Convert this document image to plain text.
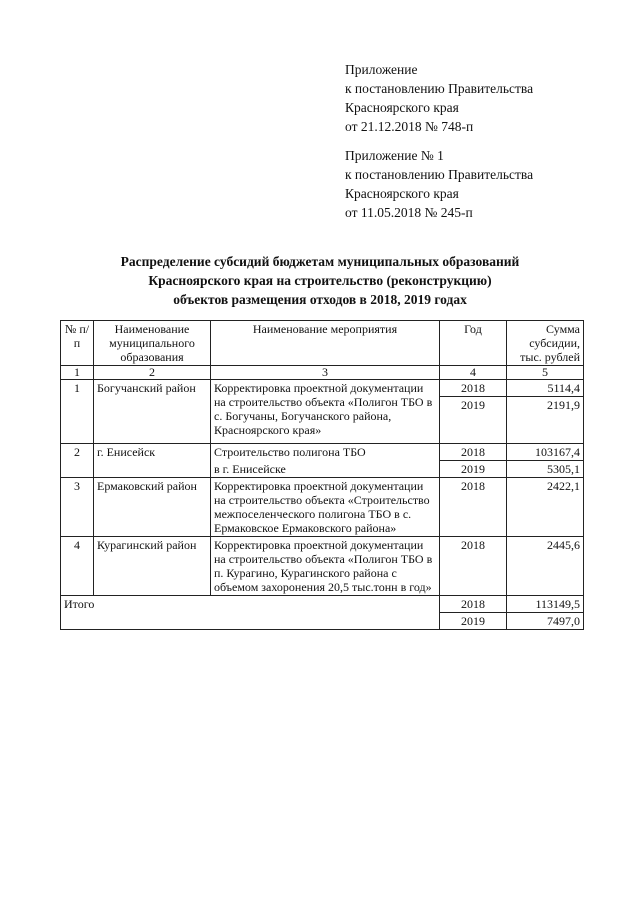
Приложение
к постановлению Правительства
Красноярского края
от 21.12.2018 № 748-п
Приложение № 1
к постановлению Правительства
Красноярского края
от 11.05.2018 № 245-п
Распределение субсидий бюджетам муниципальных образований
Красноярского края на строительство (реконструкцию)
объектов размещения отходов в 2018, 2019 годах
№ п/п	Наименование муниципального образования	Наименование мероприятия	Год	Сумма субсидии, тыс. рублей
1	2	3	4	5
1	Богучанский район	Корректировка проектной документации на строительство объекта «Полигон ТБО в с. Богучаны, Богучанского района, Красноярского края»	2018	5114,4
			2019	2191,9
2	г. Енисейск	Строительство полигона ТБО	2018	103167,4
		в г. Енисейске	2019	5305,1
3	Ермаковский район	Корректировка проектной документации на строительство объекта «Строительство межпоселенческого полигона ТБО в с. Ермаковское Ермаковского района»	2018	2422,1
4	Курагинский район	Корректировка проектной документации на строительство объекта «Полигон ТБО в п. Курагино, Курагинского района с объемом захоронения 20,5 тыс.тонн в год»	2018	2445,6
Итого			2018	113149,5
			2019	7497,0
